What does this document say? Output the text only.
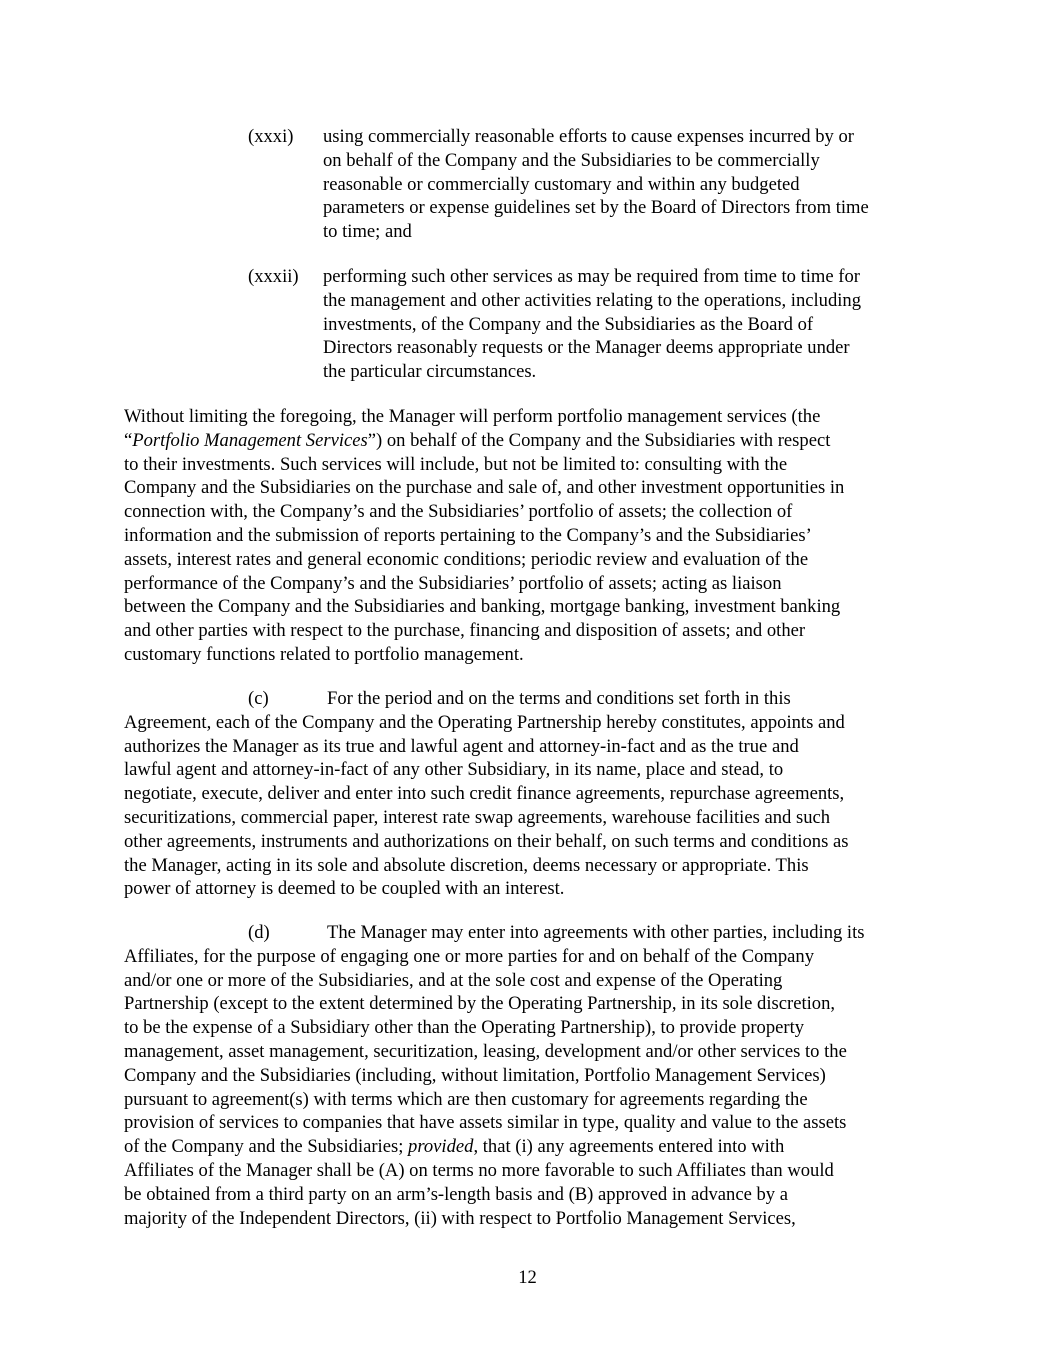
(xxxi) using commercially reasonable efforts to cause expenses incurred by or
on behalf of the Company and the Subsidiaries to be commercially
reasonable or commercially customary and within any budgeted
parameters or expense guidelines set by the Board of Directors from time
to time; and
(xxxii) performing such other services as may be required from time to time for
the management and other activities relating to the operations, including
investments, of the Company and the Subsidiaries as the Board of
Directors reasonably requests or the Manager deems appropriate under
the particular circumstances.
Without limiting the foregoing, the Manager will perform portfolio management services (the
“Portfolio Management Services”) on behalf of the Company and the Subsidiaries with respect
to their investments. Such services will include, but not be limited to: consulting with the
Company and the Subsidiaries on the purchase and sale of, and other investment opportunities in
connection with, the Company’s and the Subsidiaries’ portfolio of assets; the collection of
information and the submission of reports pertaining to the Company’s and the Subsidiaries’
assets, interest rates and general economic conditions; periodic review and evaluation of the
performance of the Company’s and the Subsidiaries’ portfolio of assets; acting as liaison
between the Company and the Subsidiaries and banking, mortgage banking, investment banking
and other parties with respect to the purchase, financing and disposition of assets; and other
customary functions related to portfolio management.
(c)	For the period and on the terms and conditions set forth in this
Agreement, each of the Company and the Operating Partnership hereby constitutes, appoints and
authorizes the Manager as its true and lawful agent and attorney-in-fact and as the true and
lawful agent and attorney-in-fact of any other Subsidiary, in its name, place and stead, to
negotiate, execute, deliver and enter into such credit finance agreements, repurchase agreements,
securitizations, commercial paper, interest rate swap agreements, warehouse facilities and such
other agreements, instruments and authorizations on their behalf, on such terms and conditions as
the Manager, acting in its sole and absolute discretion, deems necessary or appropriate. This
power of attorney is deemed to be coupled with an interest.
(d)	The Manager may enter into agreements with other parties, including its
Affiliates, for the purpose of engaging one or more parties for and on behalf of the Company
and/or one or more of the Subsidiaries, and at the sole cost and expense of the Operating
Partnership (except to the extent determined by the Operating Partnership, in its sole discretion,
to be the expense of a Subsidiary other than the Operating Partnership), to provide property
management, asset management, securitization, leasing, development and/or other services to the
Company and the Subsidiaries (including, without limitation, Portfolio Management Services)
pursuant to agreement(s) with terms which are then customary for agreements regarding the
provision of services to companies that have assets similar in type, quality and value to the assets
of the Company and the Subsidiaries; provided, that (i) any agreements entered into with
Affiliates of the Manager shall be (A) on terms no more favorable to such Affiliates than would
be obtained from a third party on an arm’s-length basis and (B) approved in advance by a
majority of the Independent Directors, (ii) with respect to Portfolio Management Services,
12
